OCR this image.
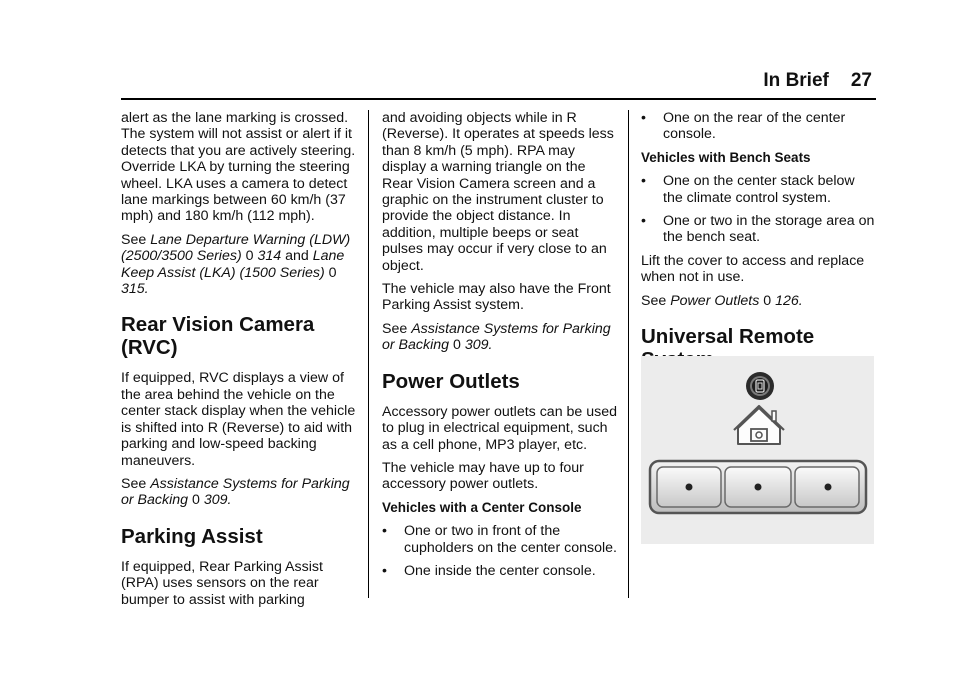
In Brief 27

alert as the lane marking is crossed. The system will not assist or alert if it detects that you are actively steering. Override LKA by turning the steering wheel. LKA uses a camera to detect lane markings between 60 km/h (37 mph) and 180 km/h (112 mph).

See Lane Departure Warning (LDW) (2500/3500 Series) 0 314 and Lane Keep Assist (LKA) (1500 Series) 0 315.

Rear Vision Camera (RVC)

If equipped, RVC displays a view of the area behind the vehicle on the center stack display when the vehicle is shifted into R (Reverse) to aid with parking and low-speed backing maneuvers.

See Assistance Systems for Parking or Backing 0 309.

Parking Assist

If equipped, Rear Parking Assist (RPA) uses sensors on the rear bumper to assist with parking

and avoiding objects while in R (Reverse). It operates at speeds less than 8 km/h (5 mph). RPA may display a warning triangle on the Rear Vision Camera screen and a graphic on the instrument cluster to provide the object distance. In addition, multiple beeps or seat pulses may occur if very close to an object.

The vehicle may also have the Front Parking Assist system.

See Assistance Systems for Parking or Backing 0 309.

Power Outlets

Accessory power outlets can be used to plug in electrical equipment, such as a cell phone, MP3 player, etc.

The vehicle may have up to four accessory power outlets.

Vehicles with a Center Console
• One or two in front of the cupholders on the center console.
• One inside the center console.
• One on the rear of the center console.
Vehicles with Bench Seats
• One on the center stack below the climate control system.
• One or two in the storage area on the bench seat.

Lift the cover to access and replace when not in use.

See Power Outlets 0 126.

Universal Remote
